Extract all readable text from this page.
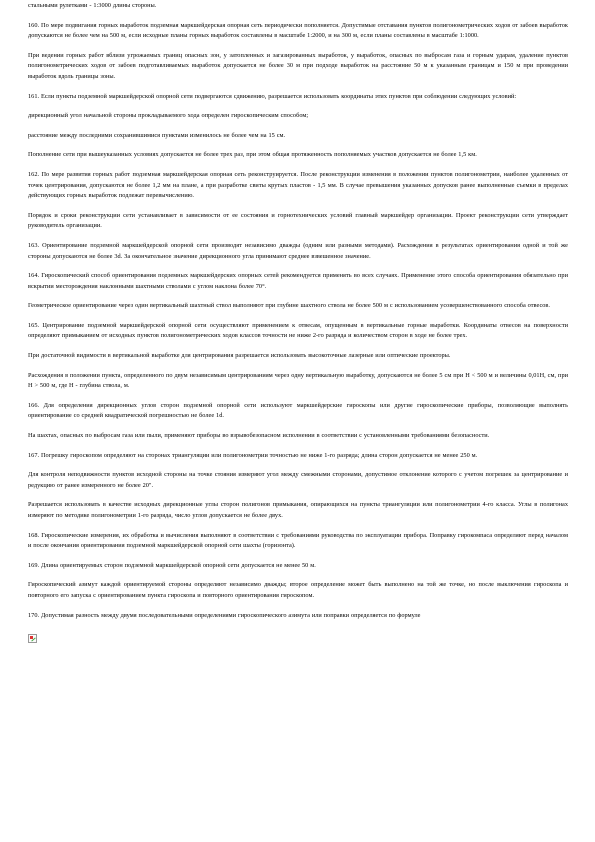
стальными рулетками - 1:3000 длины стороны.

160. По мере подвигания горных выработок подземная маркшейдерская опорная сеть периодически пополняется. Допустимые отставания пунктов полигонометрических ходов от забоев выработок допускаются не более чем на 500 м, если исходные планы горных выработок составлены в масштабе 1:2000, и на 300 м, если планы составлены в масштабе 1:1000.

При ведении горных работ вблизи угрожаемых границ опасных зон, у затопленных и загазированных выработок, у выработок, опасных по выбросам газа и горным ударам, удаление пунктов полигонометрических ходов от забоев подготавливаемых выработок допускается не более 30 м при подходе выработок на расстояние 50 м к указанным границам и 150 м при проведении выработок вдоль границы зоны.

161. Если пункты подземной маркшейдерской опорной сети подвергаются сдвижению, разрешается использовать координаты этих пунктов при соблюдении следующих условий:

дирекционный угол начальной стороны прокладываемого хода определен гироскопическим способом;

расстояние между последними сохранившимися пунктами изменилось не более чем на 15 см.

Пополнение сети при вышеуказанных условиях допускается не более трех раз, при этом общая протяженность пополняемых участков допускается не более 1,5 км.

162. По мере развития горных работ подземная маркшейдерская опорная сеть реконструируется. После реконструкции изменения в положении пунктов полигонометрии, наиболее удаленных от точек центрирования, допускаются не более 1,2 мм на плане, а при разработке свиты крутых пластов - 1,5 мм. В случае превышения указанных допусков ранее выполненные съемки в пределах действующих горных выработок подлежат перевычислению.

Порядок и сроки реконструкции сети устанавливает в зависимости от ее состояния и горнотехнических условий главный маркшейдер организации. Проект реконструкции сети утверждает руководитель организации.

163. Ориентирование подземной маркшейдерской опорной сети производят независимо дважды (одним или разными методами). Расхождения в результатах ориентирования одной и той же стороны допускаются не более 3d. За окончательное значение дирекционного угла принимают среднее взвешенное значение.

164. Гироскопический способ ориентирования подземных маркшейдерских опорных сетей рекомендуется применять во всех случаях. Применение этого способа ориентирования обязательно при вскрытии месторождения наклонными шахтными стволами с углом наклона более 70°.

Геометрическое ориентирование через один вертикальный шахтный ствол выполняют при глубине шахтного ствола не более 500 м с использованием усовершенствованного способа отвесов.

165. Центрирование подземной маркшейдерской опорной сети осуществляют применением к отвесам, опущенным в вертикальные горные выработки. Координаты отвесов на поверхности определяют примыканием от исходных пунктов полигонометрических ходов классов точности не ниже 2-го разряда и количеством сторон в ходе не более трех.

При достаточной видимости в вертикальной выработке для центрирования разрешается использовать высокоточные лазерные или оптические проекторы.

Расхождения в положении пункта, определенного по двум независимым центрированиям через одну вертикальную выработку, допускаются не более 5 см при H < 500 м и величины 0,01H, см, при H > 500 м, где H - глубина ствола, м.

166. Для определения дирекционных углов сторон подземной опорной сети используют маркшейдерские гироскопы или другие гироскопические приборы, позволяющие выполнять ориентирование со средней квадратической погрешностью не более 1d.

На шахтах, опасных по выбросам газа или пыли, применяют приборы во взрывобезопасном исполнении в соответствии с установленными требованиями безопасности.

167. Погрешку гироскопом определяют на сторонах триангуляции или полигонометрии точностью не ниже 1-го разряда; длина сторон допускается не менее 250 м.

Для контроля неподвижности пунктов исходной стороны на точке стояния измеряют угол между смежными сторонами, допустимое отклонение которого с учетом погрешек за центрирование и редукцию от ранее измеренного не более 20".

Разрешается использовать в качестве исходных дирекционные углы сторон полигонов примыкания, опирающихся на пункты триангуляции или полигонометрии 4-го класса. Углы в полигонах измеряют по методике полигонометрии 1-го разряда, число углов допускается не более двух.

168. Гироскопические измерения, их обработка и вычисления выполняют в соответствии с требованиями руководства по эксплуатации прибора. Поправку гирокомпаса определяют перед началом и после окончания ориентирования подземной маркшейдерской опорной сети шахты (горизонта).

169. Длина ориентируемых сторон подземной маркшейдерской опорной сети допускается не менее 50 м.

Гироскопический азимут каждой ориентируемой стороны определяют независимо дважды; второе определение может быть выполнено на той же точке, но после выключения гироскопа и повторного его запуска с ориентированием пункта гироскопа и повторного ориентирования гироскопом.

170. Допустимая разность между двумя последовательными определениями гироскопического азимута или поправки определяется по формуле
